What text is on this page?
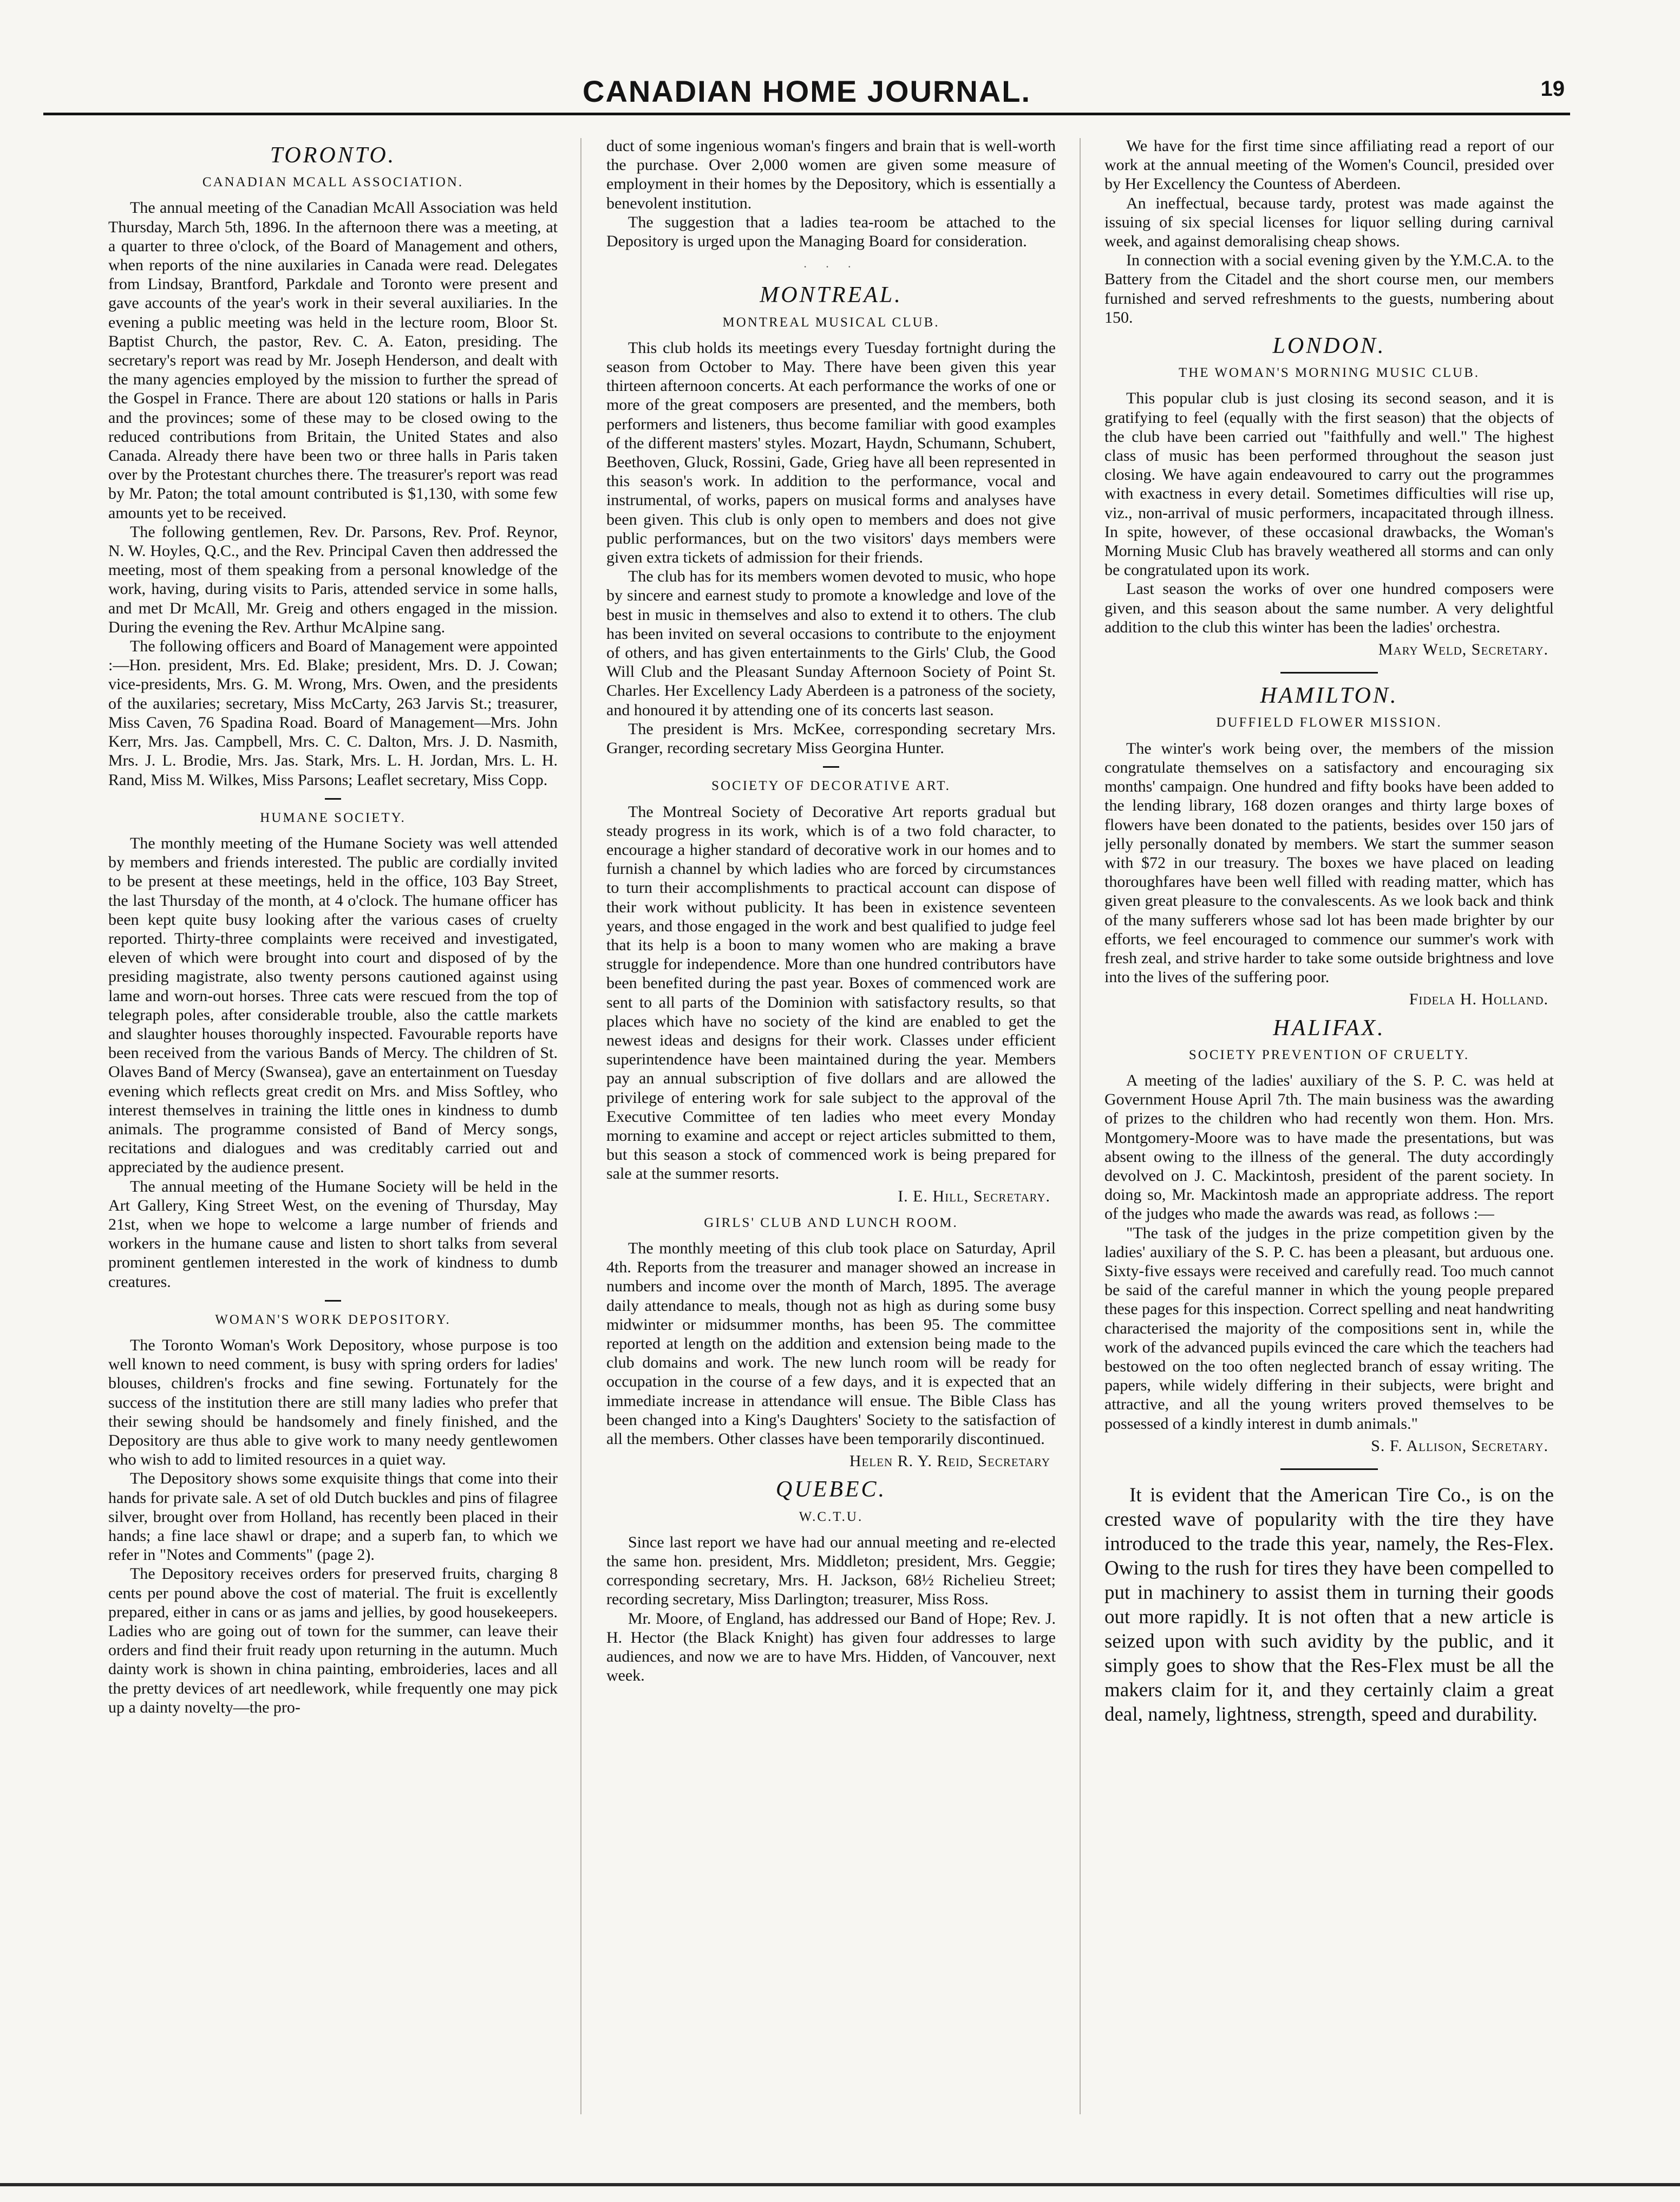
CANADIAN HOME JOURNAL.	19
TORONTO.
CANADIAN MCALL ASSOCIATION.

The annual meeting of the Canadian McAll Association was held Thursday, March 5th, 1896. In the afternoon there was a meeting, at a quarter to three o'clock, of the Board of Management and others, when reports of the nine auxilaries in Canada were read. Delegates from Lindsay, Brantford, Parkdale and Toronto were present and gave accounts of the year's work in their several auxiliaries. In the evening a public meeting was held in the lecture room, Bloor St. Baptist Church, the pastor, Rev. C. A. Eaton, presiding. The secretary's report was read by Mr. Joseph Henderson, and dealt with the many agencies employed by the mission to further the spread of the Gospel in France. There are about 120 stations or halls in Paris and the provinces; some of these may to be closed owing to the reduced contributions from Britain, the United States and also Canada. Already there have been two or three halls in Paris taken over by the Protestant churches there. The treasurer's report was read by Mr. Paton; the total amount contributed is $1,130, with some few amounts yet to be received.

The following gentlemen, Rev. Dr. Parsons, Rev. Prof. Reynor, N. W. Hoyles, Q.C., and the Rev. Principal Caven then addressed the meeting, most of them speaking from a personal knowledge of the work, having, during visits to Paris, attended service in some halls, and met Dr McAll, Mr. Greig and others engaged in the mission. During the evening the Rev. Arthur McAlpine sang.

The following officers and Board of Management were appointed :—Hon. president, Mrs. Ed. Blake; president, Mrs. D. J. Cowan; vice-presidents, Mrs. G. M. Wrong, Mrs. Owen, and the presidents of the auxilaries; secretary, Miss McCarty, 263 Jarvis St.; treasurer, Miss Caven, 76 Spadina Road. Board of Management—Mrs. John Kerr, Mrs. Jas. Campbell, Mrs. C. C. Dalton, Mrs. J. D. Nasmith, Mrs. J. L. Brodie, Mrs. Jas. Stark, Mrs. L. H. Jordan, Mrs. L. H. Rand, Miss M. Wilkes, Miss Parsons; Leaflet secretary, Miss Copp.

HUMANE SOCIETY.

The monthly meeting of the Humane Society was well attended by members and friends interested. The public are cordially invited to be present at these meetings, held in the office, 103 Bay Street, the last Thursday of the month, at 4 o'clock. The humane officer has been kept quite busy looking after the various cases of cruelty reported. Thirty-three complaints were received and investigated, eleven of which were brought into court and disposed of by the presiding magistrate, also twenty persons cautioned against using lame and worn-out horses. Three cats were rescued from the top of telegraph poles, after considerable trouble, also the cattle markets and slaughter houses thoroughly inspected. Favourable reports have been received from the various Bands of Mercy. The children of St. Olaves Band of Mercy (Swansea), gave an entertainment on Tuesday evening which reflects great credit on Mrs. and Miss Softley, who interest themselves in training the little ones in kindness to dumb animals. The programme consisted of Band of Mercy songs, recitations and dialogues and was creditably carried out and appreciated by the audience present.

The annual meeting of the Humane Society will be held in the Art Gallery, King Street West, on the evening of Thursday, May 21st, when we hope to welcome a large number of friends and workers in the humane cause and listen to short talks from several prominent gentlemen interested in the work of kindness to dumb creatures.

WOMAN'S WORK DEPOSITORY.

The Toronto Woman's Work Depository, whose purpose is too well known to need comment, is busy with spring orders for ladies' blouses, children's frocks and fine sewing. Fortunately for the success of the institution there are still many ladies who prefer that their sewing should be handsomely and finely finished, and the Depository are thus able to give work to many needy gentlewomen who wish to add to limited resources in a quiet way.

The Depository shows some exquisite things that come into their hands for private sale. A set of old Dutch buckles and pins of filagree silver, brought over from Holland, has recently been placed in their hands; a fine lace shawl or drape; and a superb fan, to which we refer in "Notes and Comments" (page 2).

The Depository receives orders for preserved fruits, charging 8 cents per pound above the cost of material. The fruit is excellently prepared, either in cans or as jams and jellies, by good housekeepers. Ladies who are going out of town for the summer, can leave their orders and find their fruit ready upon returning in the autumn. Much dainty work is shown in china painting, embroideries, laces and all the pretty devices of art needlework, while frequently one may pick up a dainty novelty—the pro-

duct of some ingenious woman's fingers and brain that is well-worth the purchase. Over 2,000 women are given some measure of employment in their homes by the Depository, which is essentially a benevolent institution.

The suggestion that a ladies tea-room be attached to the Depository is urged upon the Managing Board for consideration.

· · ·
MONTREAL.
MONTREAL MUSICAL CLUB.

This club holds its meetings every Tuesday fortnight during the season from October to May. There have been given this year thirteen afternoon concerts. At each performance the works of one or more of the great composers are presented, and the members, both performers and listeners, thus become familiar with good examples of the different masters' styles. Mozart, Haydn, Schumann, Schubert, Beethoven, Gluck, Rossini, Gade, Grieg have all been represented in this season's work. In addition to the performance, vocal and instrumental, of works, papers on musical forms and analyses have been given. This club is only open to members and does not give public performances, but on the two visitors' days members were given extra tickets of admission for their friends.

The club has for its members women devoted to music, who hope by sincere and earnest study to promote a knowledge and love of the best in music in themselves and also to extend it to others. The club has been invited on several occasions to contribute to the enjoyment of others, and has given entertainments to the Girls' Club, the Good Will Club and the Pleasant Sunday Afternoon Society of Point St. Charles. Her Excellency Lady Aberdeen is a patroness of the society, and honoured it by attending one of its concerts last season.

The president is Mrs. McKee, corresponding secretary Mrs. Granger, recording secretary Miss Georgina Hunter.

SOCIETY OF DECORATIVE ART.

The Montreal Society of Decorative Art reports gradual but steady progress in its work, which is of a two fold character, to encourage a higher standard of decorative work in our homes and to furnish a channel by which ladies who are forced by circumstances to turn their accomplishments to practical account can dispose of their work without publicity. It has been in existence seventeen years, and those engaged in the work and best qualified to judge feel that its help is a boon to many women who are making a brave struggle for independence. More than one hundred contributors have been benefited during the past year. Boxes of commenced work are sent to all parts of the Dominion with satisfactory results, so that places which have no society of the kind are enabled to get the newest ideas and designs for their work. Classes under efficient superintendence have been maintained during the year. Members pay an annual subscription of five dollars and are allowed the privilege of entering work for sale subject to the approval of the Executive Committee of ten ladies who meet every Monday morning to examine and accept or reject articles submitted to them, but this season a stock of commenced work is being prepared for sale at the summer resorts.

I. E. Hill, Secretary.
GIRLS' CLUB AND LUNCH ROOM.

The monthly meeting of this club took place on Saturday, April 4th. Reports from the treasurer and manager showed an increase in numbers and income over the month of March, 1895. The average daily attendance to meals, though not as high as during some busy midwinter or midsummer months, has been 95. The committee reported at length on the addition and extension being made to the club domains and work. The new lunch room will be ready for occupation in the course of a few days, and it is expected that an immediate increase in attendance will ensue. The Bible Class has been changed into a King's Daughters' Society to the satisfaction of all the members. Other classes have been temporarily discontinued.

Helen R. Y. Reid, Secretary
QUEBEC.
W.C.T.U.

Since last report we have had our annual meeting and re-elected the same hon. president, Mrs. Middleton; president, Mrs. Geggie; corresponding secretary, Mrs. H. Jackson, 68½ Richelieu Street; recording secretary, Miss Darlington; treasurer, Miss Ross.

Mr. Moore, of England, has addressed our Band of Hope; Rev. J. H. Hector (the Black Knight) has given four addresses to large audiences, and now we are to have Mrs. Hidden, of Vancouver, next week.

We have for the first time since affiliating read a report of our work at the annual meeting of the Women's Council, presided over by Her Excellency the Countess of Aberdeen.

An ineffectual, because tardy, protest was made against the issuing of six special licenses for liquor selling during carnival week, and against demoralising cheap shows.

In connection with a social evening given by the Y.M.C.A. to the Battery from the Citadel and the short course men, our members furnished and served refreshments to the guests, numbering about 150.

LONDON.
THE WOMAN'S MORNING MUSIC CLUB.

This popular club is just closing its second season, and it is gratifying to feel (equally with the first season) that the objects of the club have been carried out "faithfully and well." The highest class of music has been performed throughout the season just closing. We have again endeavoured to carry out the programmes with exactness in every detail. Sometimes difficulties will rise up, viz., non-arrival of music performers, incapacitated through illness. In spite, however, of these occasional drawbacks, the Woman's Morning Music Club has bravely weathered all storms and can only be congratulated upon its work.

Last season the works of over one hundred composers were given, and this season about the same number. A very delightful addition to the club this winter has been the ladies' orchestra.

Mary Weld, Secretary.
HAMILTON.
DUFFIELD FLOWER MISSION.

The winter's work being over, the members of the mission congratulate themselves on a satisfactory and encouraging six months' campaign. One hundred and fifty books have been added to the lending library, 168 dozen oranges and thirty large boxes of flowers have been donated to the patients, besides over 150 jars of jelly personally donated by members. We start the summer season with $72 in our treasury. The boxes we have placed on leading thoroughfares have been well filled with reading matter, which has given great pleasure to the convalescents. As we look back and think of the many sufferers whose sad lot has been made brighter by our efforts, we feel encouraged to commence our summer's work with fresh zeal, and strive harder to take some outside brightness and love into the lives of the suffering poor.

Fidela H. Holland.
HALIFAX.
SOCIETY PREVENTION OF CRUELTY.

A meeting of the ladies' auxiliary of the S. P. C. was held at Government House April 7th. The main business was the awarding of prizes to the children who had recently won them. Hon. Mrs. Montgomery-Moore was to have made the presentations, but was absent owing to the illness of the general. The duty accordingly devolved on J. C. Mackintosh, president of the parent society. In doing so, Mr. Mackintosh made an appropriate address. The report of the judges who made the awards was read, as follows :—

"The task of the judges in the prize competition given by the ladies' auxiliary of the S. P. C. has been a pleasant, but arduous one. Sixty-five essays were received and carefully read. Too much cannot be said of the careful manner in which the young people prepared these pages for this inspection. Correct spelling and neat handwriting characterised the majority of the compositions sent in, while the work of the advanced pupils evinced the care which the teachers had bestowed on the too often neglected branch of essay writing. The papers, while widely differing in their subjects, were bright and attractive, and all the young writers proved themselves to be possessed of a kindly interest in dumb animals."

S. F. Allison, Secretary.

It is evident that the American Tire Co., is on the crested wave of popularity with the tire they have introduced to the trade this year, namely, the Res-Flex. Owing to the rush for tires they have been compelled to put in machinery to assist them in turning their goods out more rapidly. It is not often that a new article is seized upon with such avidity by the public, and it simply goes to show that the Res-Flex must be all the makers claim for it, and they certainly claim a great deal, namely, lightness, strength, speed and durability.
